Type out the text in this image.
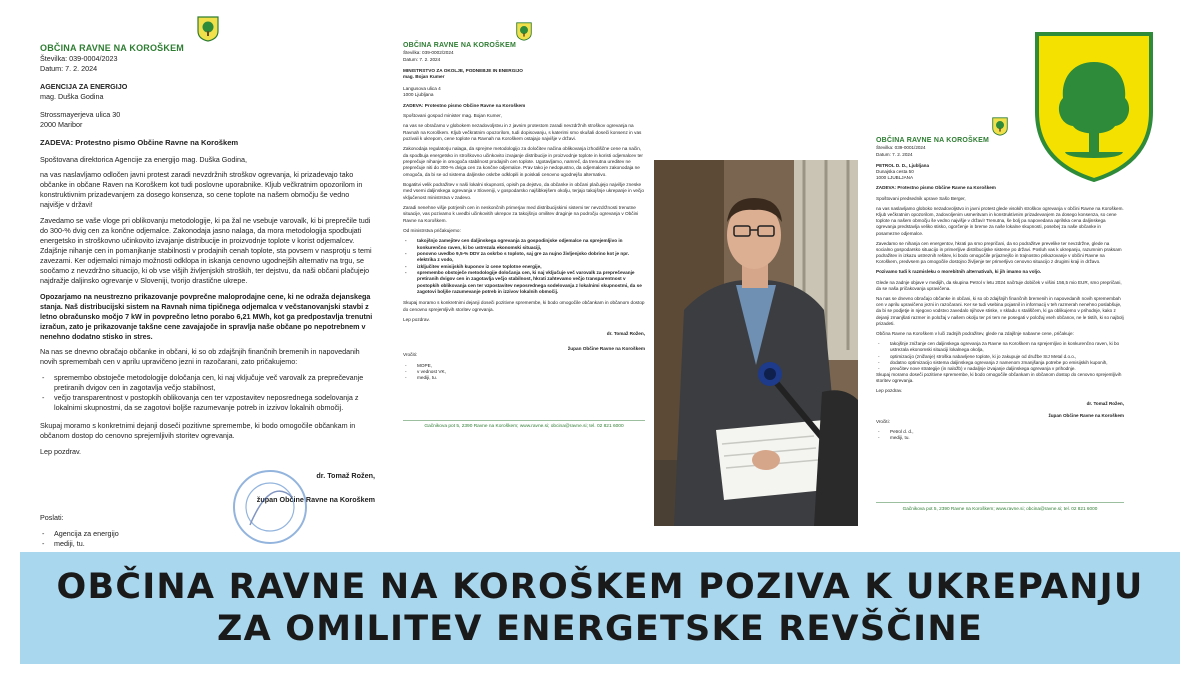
OBČINA RAVNE NA KOROŠKEM
Številka: 039-0004/2023
Datum: 7. 2. 2024
AGENCIJA ZA ENERGIJO
mag. Duška Godina
Strossmayerjeva ulica 30
2000 Maribor
ZADEVA: Protestno pismo Občine Ravne na Koroškem
Spoštovana direktorica Agencije za energijo mag. Duška Godina,
na vas naslavljamo odločen javni protest zaradi nevzdržnih stroškov ogrevanja, ki prizadevajo tako občanke in občane Raven na Koroškem kot tudi poslovne uporabnike. Kljub večkratnim opozorilom in konstruktivnim prizadevanjem za dosego konsenza, so cene toplote na našem območju še vedno najvišje v državi!
Zavedamo se vaše vloge pri oblikovanju metodologije, ki pa žal ne vsebuje varovalk, ki bi preprečile tudi do 300-% dvig cen za končne odjemalce. Zakonodaja jasno nalaga, da mora metodologija spodbujati energetsko in stroškovno učinkovito izvajanje distribucije in proizvodnje toplote v korist odjemalcev. Zdajšnje nihanje cen in pomanjkanje stabilnosti v prodajnih cenah toplote, sta povsem v nasprotju s temi zavezami. Ker odjemalci nimajo možnosti odklopa in iskanja cenovno ugodnejših alternativ na trgu, se soočamo z nevzdržno situacijo, ki ob vse višjih življenjskih stroških, ter dejstvu, da naši občani plačujejo najdražje daljinsko ogrevanje v Sloveniji, tvorijo drastične ukrepe.
Opozarjamo na neustrezno prikazovanje povprečne maloprodajne cene, ki ne odraža dejanskega stanja. Naš distribucijski sistem na Ravnah nima tipičnega odjemalca v večstanovanjski stavbi z letno obračunsko močjo 7 kW in povprečno letno porabo 6,21 MWh, kot ga predpostavlja trenutni izračun, zato je prikazovanje takšne cene zavajajoče in spravlja naše občane po nepotrebnem v nenehno dodatno stisko in stres.
Na nas se dnevno obračajo občanke in občani, ki so ob zdajšnjih finančnih bremenih in napovedanih novih spremembah cen v aprilu upravičeno jezni in razočarani, zato pričakujemo:
- spremembo obstoječe metodologije določanja cen, ki naj vključuje več varovalk za preprečevanje pretiranih dvigov cen in zagotavlja večjo stabilnost,
- večjo transparentnost v postopkih oblikovanja cen ter vzpostavitev neposrednega sodelovanja z lokalnimi skupnostmi, da se zagotovi boljše razumevanje potreb in izzivov lokalnih območij.
Skupaj moramo s konkretnimi dejanji doseči pozitivne spremembe, ki bodo omogočile občankam in občanom dostop do cenovno sprejemljivih storitev ogrevanja.
Lep pozdrav.
dr. Tomaž Rožen,
župan Občine Ravne na Koroškem
Poslati:
- Agencija za energijo
- mediji, tu.
OBČINA RAVNE NA KOROŠKEM
Številka: 039-0002/2024
Datum: 7. 2. 2024
MINISTRSTVO ZA OKOLJE, PODNEBJE IN ENERGIJO
mag. Bojan Kumer
Langusova ulica 4
1000 Ljubljana
ZADEVA: Protestno pismo Občine Ravne na Koroškem
Spoštovani gospod minister mag. Bojan Kumer,
na vas se obračamo v globokem nezadovoljstvu in z javnim protestom zaradi nevzdržnih stroškov ogrevanja na Ravnah na Koroškem. Kljub večkratnim opozorilom, tudi dopisovanju, s katerimi smo skušali doseči konsenz in vas pozivali k ukrepom, cene toplote na Ravnah na Koroškem ostajajo najvišje v državi.
Zakonodaja regulatorju nalaga, da sprejme metodologijo za določitev načina oblikovanja izhodiščne cene na način, da spodbuja energetsko in stroškovno učinkovito izvajanje distribucije in proizvodnje toplote in koristi odjemalcev ter preprečuje nihanje in omogoča stabilnost prodajnih cen toplote. Ugotavljamo, namreč, da trenutna ureditev ne preprečuje niti do 300-% dviga cen za končne odjemalce. Prav tako je nedopustno, da odjemalcem zakonodaja ne omogoča, da bi se od sistema daljinske oskrbe odklopili in poiskali cenovno ugodnejšo alternativo.
Bogatitvi velik podražitev v naši lokalni skupnosti, opisih pa dejstvo, da občanke in občani plačujejo najvišje zneske med vsemi daljinskega ogrevanja v Sloveniji, v gospodarsko najšibkejšem okolju, terjajo takojšnje ukrepanje in večjo vključenost ministrstva v zadevo.
Zaradi nenehne višje potrjenih cen in neskončnih primerjav med distribucijskimi sistemi ter nevzdržnosti trenutne situacije, vas pozivamo k uvedbi učinkovitih ukrepov za takojšnjo omilitev draginje na področju ogrevanja v Občini Ravne na Koroškem.
Od ministrstva pričakujemo:
- takojšnjo zamejitev cen daljinskega ogrevanja za gospodinjske odjemalce na sprejemljivo in konkurenčno raven, ki bo ustrezala ekonomski situaciji,
- ponovno uvedbo 9,5-% DDV za oskrbo s toploto, saj gre za nujno življenjsko dobrino kot je npr. elektrika z vodo,
- izključitev emisijskih kuponov iz cene toplotne energije,
- spremembo obstoječe metodologije določanja cen, ki naj vključuje več varovalk za preprečevanje pretiranih dvigov cen in zagotavlja večjo stabilnost, hkrati zahtevamo večjo transparentnost v postopkih oblikovanja cen ter vzpostavitev neposrednega sodelovanja z lokalnimi skupnostmi, da se zagotovi boljše razumevanje potreb in izzivov lokalnih območij.
Skupaj moramo s konkretnimi dejanji doseči pozitivne spremembe, ki bodo omogočile občankam in občanom dostop do cenovno sprejemljivih storitev ogrevanja.
Lep pozdrav.
dr. Tomaž Rožen,
župan Občine Ravne na Koroškem
Vročiti:
- MOPE,
- v vednost VK,
- mediji, tu.
Gačnikova pot 5, 2390 Ravne na Koroškem; www.ravne.si; obcina@ravne.si; tel. 02 821 6000
OBČINA RAVNE NA KOROŠKEM
Številka: 039-0001/2024
Datum: 7. 2. 2024
PETROL D. D., Ljubljana
Dunajska cesta 50
1000 LJUBLJANA
ZADEVA: Protestno pismo Občine Ravne na Koroškem
Spoštovani predsednik uprave Sašo Berger,
na vas naslavljamo globoko nezadovoljstvo in javni protest glede visokih stroškov ogrevanja v občini Ravne na Koroškem. Kljub večkratnim opozorilom, zadovoljenim usmeritvam in konstruktivnim prizadevanjem za dosego konsenza, so cene toplote na našem območju še vedno najvišje v državi! Trenutna, še bolj pa napovedana aprilska cena daljinskega ogrevanja predstavlja veliko stisko, ogorčenje in breme za naše lokalne skupnosti, posebej za naše občanke in posamezne odjemalce.
Zavedamo se nihanja cen energentov, hkrati pa smo prepričani, da so podražitve prevelike ter nevzdržne, glede na socialno gospodarsko situacijo in primerljive distribucijske sisteme po državi. Posluh vas k ukrepanju, razumnim praksam podražitev in izkazu ustreznih rešitev, ki bodo omogočile prijaznejšo in trajnostno prikazovanje v občini Ravne na Koroškem, predvsem pa omogočile dostojno življenje ter primerljivo cenovno situacijo z drugimi kraji in državo.
Pozivamo tudi k razmisleku o morebitnih alternativah, ki jih imamo na voljo.
Glede na zadnje objave v medijih, da skupina Petrol v letu 2024 načrtuje dobiček v višini 156,5 mio EUR, smo prepričani, da se naša pričakovanja upravičena.
Na nas se dnevno obračajo občanke in občani, ki so ob zdajšnjih finančnih bremenih in napovedanih novih spremembah cen v aprilu upravičeno jezni in razočarani. Ker se tudi vsebina pojasnil in informacij v teh razmerah nenehno poslabšuje, da bi se podjetje in njegovo vodstvo zavedalo njihove stiske, v skladu s stališčem, ki ga oblikujemo v prihodnje, kako z dejanji zmanjšati razmer in položaj v našem okolju ter pri tem ne posegati v položaj vseh občanov, ne le tistih, ki so najbolj prizadeti.
Občina Ravne na Koroškem v luči zadnjih podražitev, glede na zdajšnje nabavne cene, pričakuje:
- takojšnje znižanje cen daljinskega ogrevanja za Ravne na Koroškem na sprejemljivo in konkurenčno raven, ki bo ustrezala ekonomski situaciji lokalnega okolja,
- optimizacijo (znižanje) stroška nabavljene toplote, ki jo zakupuje od družbe SIJ Metal d.o.o.,
- dodatno optimizacijo sistema daljinskega ogrevanja z namenom zmanjšanja potrebe po emisijskih kuponih,
- preučitev nove strategije (in naložb) v nadaljnje izvajanje daljinskega ogrevanja v prihodnje.
Skupaj moramo doseči pozitivne spremembe, ki bodo omogočile občankam in občanom dostop do cenovno sprejemljivih storitev ogrevanja.
Lep pozdrav.
dr. Tomaž Rožen,
župan Občine Ravne na Koroškem
Vročiti:
- Petrol d. d.,
- mediji, tu.
Gačnikova pot 5, 2390 Ravne na Koroškem; www.ravne.si; obcina@ravne.si; tel. 02 821 6000
OBČINA RAVNE NA KOROŠKEM POZIVA K UKREPANJU
ZA OMILITEV ENERGETSKE REVŠČINE
